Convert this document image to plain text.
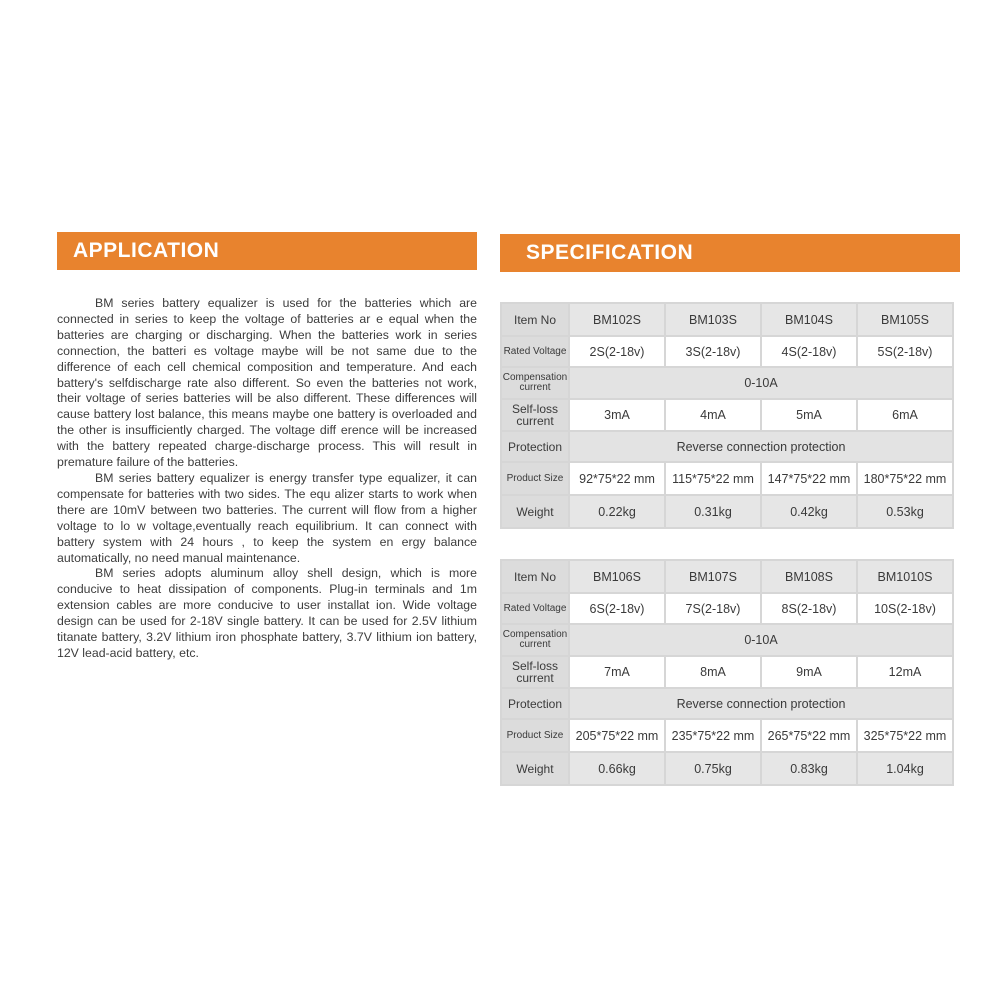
APPLICATION

BM series battery equalizer is used for the batteries which are connected in series to keep the voltage of batteries ar e equal when the batteries are charging or discharging. When the batteries work in series connection, the batteri es voltage maybe will be not same due to the difference of each cell chemical composition and temperature. And each battery's selfdischarge rate also different. So even the batteries not work, their voltage of series batteries will be also different. These differences will cause battery lost balance, this means maybe one battery is overloaded and the other is insufficiently charged. The voltage diff erence will be increased with the battery repeated charge-discharge process. This will result in premature failure of the batteries.

BM series battery equalizer is energy transfer type equalizer, it can compensate for batteries with two sides. The equ alizer starts to work when there are 10mV between two batteries. The current will flow from a higher voltage to lo w voltage,eventually reach equilibrium. It can connect with battery system with 24 hours , to keep the system en ergy balance automatically, no need manual maintenance.

BM series adopts aluminum alloy shell design, which is more conducive to heat dissipation of components. Plug-in terminals and 1m extension cables are more conducive to user installat ion. Wide voltage design can be used for 2-18V single battery. It can be used for 2.5V lithium titanate battery, 3.2V lithium iron phosphate battery, 3.7V lithium ion battery, 12V lead-acid battery, etc.

SPECIFICATION
Item No	BM102S	BM103S	BM104S	BM105S
Rated Voltage	2S(2-18v)	3S(2-18v)	4S(2-18v)	5S(2-18v)
Compensation current	0-10A			
Self-loss current	3mA	4mA	5mA	6mA
Protection	Reverse connection protection			
Product Size	92*75*22 mm	115*75*22 mm	147*75*22 mm	180*75*22 mm
Weight	0.22kg	0.31kg	0.42kg	0.53kg
Item No	BM106S	BM107S	BM108S	BM1010S
Rated Voltage	6S(2-18v)	7S(2-18v)	8S(2-18v)	10S(2-18v)
Compensation current	0-10A			
Self-loss current	7mA	8mA	9mA	12mA
Protection	Reverse connection protection			
Product Size	205*75*22 mm	235*75*22 mm	265*75*22 mm	325*75*22 mm
Weight	0.66kg	0.75kg	0.83kg	1.04kg
